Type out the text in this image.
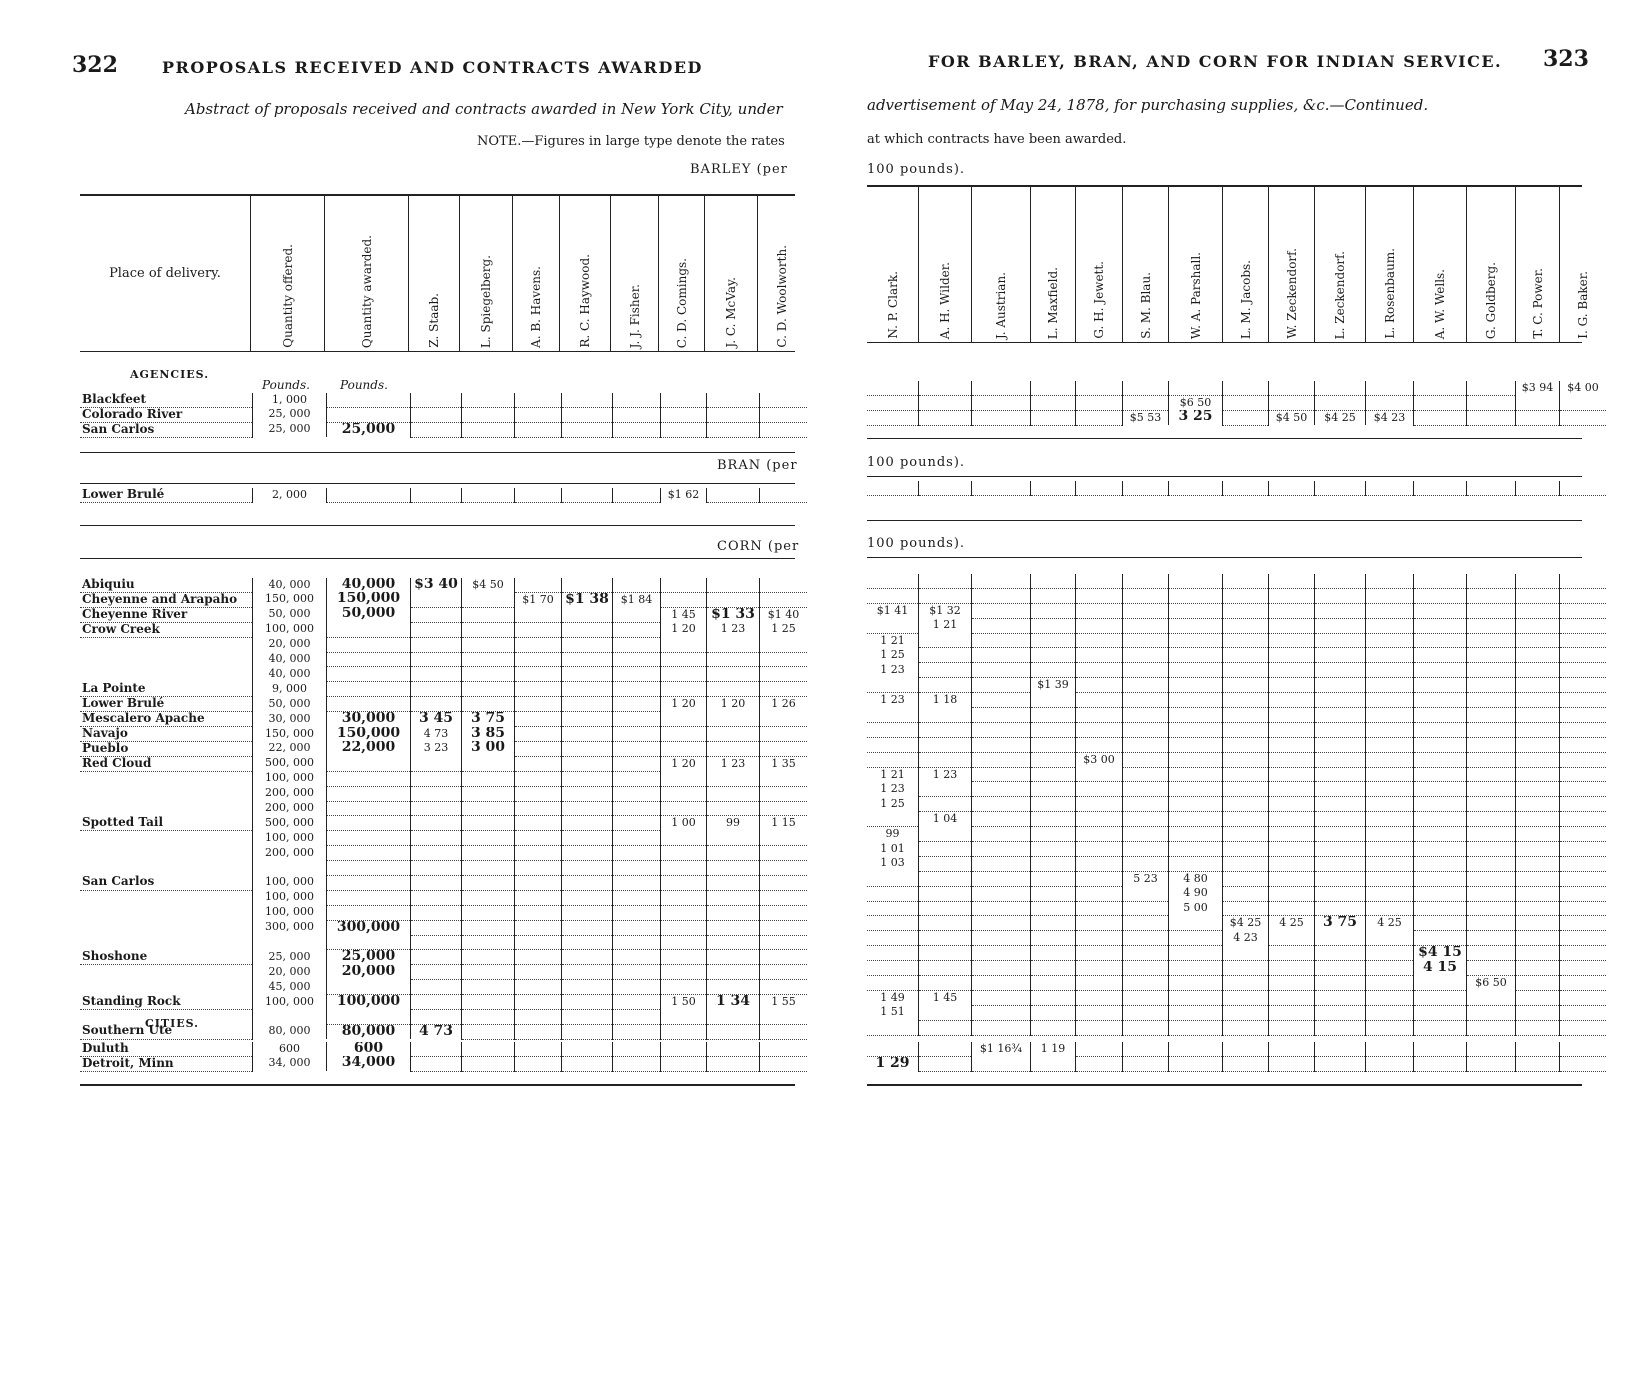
322	PROPOSALS RECEIVED AND CONTRACTS AWARDED
Abstract of proposals received and contracts awarded in New York City, under
NOTE.—Figures in large type denote the rates
BARLEY (per
Place of delivery.	Quantity offered.	Quantity awarded.	Z. Staab.	L. Spiegelberg.	A. B. Havens.	R. C. Haywood.	J. J. Fisher.	C. D. Comings.	J. C. McVay.	C. D. Woolworth.
AGENCIES.
Pounds.	Pounds.
Blackfeet	1, 000									
Colorado River	25, 000									
San Carlos	25, 000	25,000								
BRAN (per
Lower Brulé	2, 000							$1 62		
CORN (per
Abiquiu	40, 000	40,000	$3 40	$4 50						
Cheyenne and Arapaho	150, 000	150,000			$1 70	$1 38	$1 84			
Cheyenne River	50, 000	50,000						1 45	$1 33	$1 40
Crow Creek	100, 000							1 20	1 23	1 25
	20, 000									
	40, 000									
	40, 000									
La Pointe	9, 000									
Lower Brulé	50, 000							1 20	1 20	1 26
Mescalero Apache	30, 000	30,000	3 45	3 75						
Navajo	150, 000	150,000	4 73	3 85						
Pueblo	22, 000	22,000	3 23	3 00						
Red Cloud	500, 000							1 20	1 23	1 35
	100, 000									
	200, 000									
	200, 000									
Spotted Tail	500, 000							1 00	99	1 15
	100, 000									
	200, 000									

San Carlos	100, 000									
	100, 000									
	100, 000									
	300, 000	300,000								

Shoshone	25, 000	25,000								
	20, 000	20,000								
	45, 000									
Standing Rock	100, 000	100,000						1 50	1 34	1 55

Southern Ute	80, 000	80,000	4 73							
CITIES.
Duluth	600	600								
Detroit, Minn	34, 000	34,000								
FOR BARLEY, BRAN, AND CORN FOR INDIAN SERVICE. 323
advertisement of May 24, 1878, for purchasing supplies, &c.—Continued.
at which contracts have been awarded.
100 pounds).
N. P. Clark.	A. H. Wilder.	J. Austrian.	L. Maxfield.	G. H. Jewett.	S. M. Blau.	W. A. Parshall.	L. M. Jacobs.	W. Zeckendorf.	L. Zeckendorf.	L. Rosenbaum.	A. W. Wells.	G. Goldberg.	T. C. Power.	I. G. Baker.
													$3 94	$4 00
						$6 50								
					$5 53	3 25		$4 50	$4 25	$4 23				
100 pounds).

100 pounds).

$1 41	$1 32													
	1 21													
1 21														
1 25														
1 23														
			$1 39											
1 23	1 18													

				$3 00										
1 21	1 23													
1 23														
1 25														
	1 04													
99														
1 01														
1 03														
					5 23	4 80								
						4 90								
						5 00								
							$4 25	4 25	3 75	4 25				
							4 23							
											$4 15			
											4 15			
												$6 50		
1 49	1 45													
1 51														

		$1 16¾	1 19											
1 29														
